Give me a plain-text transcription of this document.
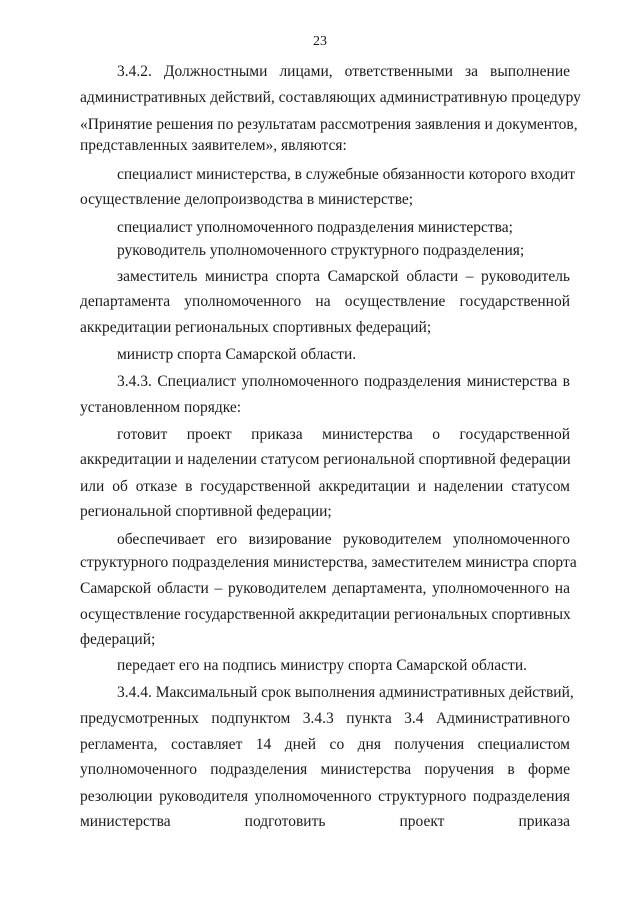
23
3.4.2. Должностными лицами, ответственными за выполнение
административных действий, составляющих административную процедуру
«Принятие решения по результатам рассмотрения заявления и документов,
представленных заявителем», являются:
специалист министерства, в служебные обязанности которого входит
осуществление делопроизводства в министерстве;
специалист уполномоченного подразделения министерства;
руководитель уполномоченного структурного подразделения;
заместитель министра спорта Самарской области – руководитель
департамента уполномоченного на осуществление государственной
аккредитации региональных спортивных федераций;
министр спорта Самарской области.
3.4.3. Специалист уполномоченного подразделения министерства в
установленном порядке:
готовит проект приказа министерства о государственной
аккредитации и наделении статусом региональной спортивной федерации
или об отказе в государственной аккредитации и наделении статусом
региональной спортивной федерации;
обеспечивает его визирование руководителем уполномоченного
структурного подразделения министерства, заместителем министра спорта
Самарской области – руководителем департамента, уполномоченного на
осуществление государственной аккредитации региональных спортивных
федераций;
передает его на подпись министру спорта Самарской области.
3.4.4. Максимальный срок выполнения административных действий,
предусмотренных подпунктом 3.4.3 пункта 3.4 Административного
регламента, составляет 14 дней со дня получения специалистом
уполномоченного подразделения министерства поручения в форме
резолюции руководителя уполномоченного структурного подразделения
министерства	подготовить	проект	приказа
